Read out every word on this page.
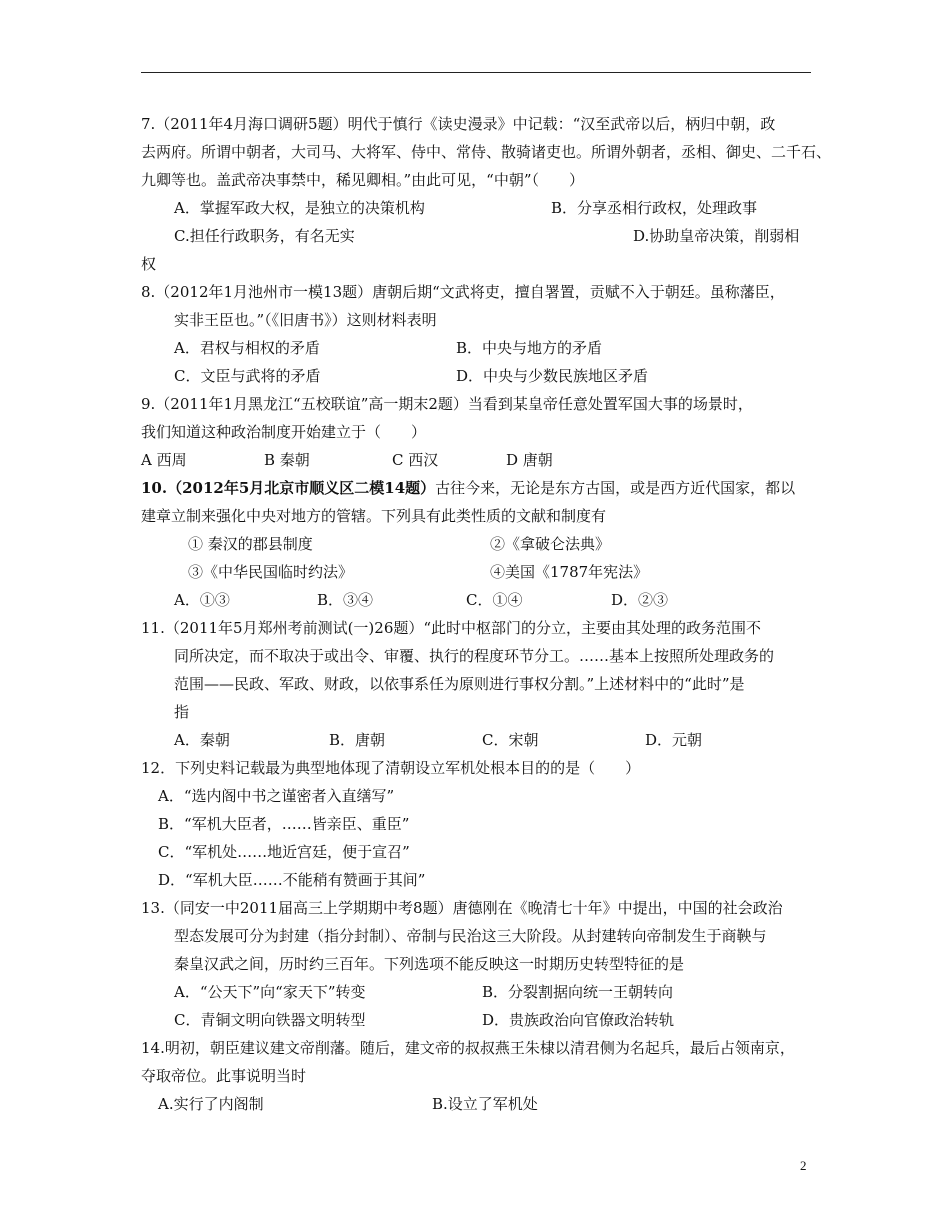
7.（2011年4月海口调研5题）明代于慎行《读史漫录》中记载：“汉至武帝以后，柄归中朝，政
去两府。所谓中朝者，大司马、大将军、侍中、常侍、散骑诸吏也。所谓外朝者，丞相、御史、二千石、
九卿等也。盖武帝决事禁中，稀见卿相。”由此可见，“中朝”（　　）
A．掌握军政大权，是独立的决策机构	B．分享丞相行政权，处理政事
C.担任行政职务，有名无实	D.协助皇帝决策，削弱相
权
8.（2012年1月池州市一模13题）唐朝后期“文武将吏，擅自署置，贡赋不入于朝廷。虽称藩臣，
实非王臣也。”（《旧唐书》）这则材料表明
A．君权与相权的矛盾	B．中央与地方的矛盾
C．文臣与武将的矛盾	D．中央与少数民族地区矛盾
9.（2011年1月黑龙江“五校联谊”高一期末2题）当看到某皇帝任意处置军国大事的场景时，
我们知道这种政治制度开始建立于（　　）
A 西周	B 秦朝	C 西汉	D 唐朝
10.（2012年5月北京市顺义区二模14题）古往今来，无论是东方古国，或是西方近代国家，都以
建章立制来强化中央对地方的管辖。下列具有此类性质的文献和制度有
① 秦汉的郡县制度	②《拿破仑法典》
③《中华民国临时约法》	④美国《1787年宪法》
A．①③	B．③④	C．①④	D．②③
11.（2011年5月郑州考前测试(一)26题）“此时中枢部门的分立，主要由其处理的政务范围不
同所决定，而不取决于或出令、审覆、执行的程度环节分工。……基本上按照所处理政务的
范围——民政、军政、财政，以依事系任为原则进行事权分割。”上述材料中的“此时”是
指
A．秦朝	B．唐朝	C．宋朝	D．元朝
12．下列史料记载最为典型地体现了清朝设立军机处根本目的的是（　　）
A．“选内阁中书之谨密者入直缮写”
B．“军机大臣者，……皆亲臣、重臣”
C．“军机处……地近宫廷，便于宣召”
D．“军机大臣……不能稍有赞画于其间”
13.（同安一中2011届高三上学期期中考8题）唐德刚在《晚清七十年》中提出，中国的社会政治
型态发展可分为封建（指分封制）、帝制与民治这三大阶段。从封建转向帝制发生于商鞅与
秦皇汉武之间，历时约三百年。下列选项不能反映这一时期历史转型特征的是
A．“公天下”向“家天下”转变	B．分裂割据向统一王朝转向
C．青铜文明向铁器文明转型	D．贵族政治向官僚政治转轨
14.明初，朝臣建议建文帝削藩。随后，建文帝的叔叔燕王朱棣以清君侧为名起兵，最后占领南京，
夺取帝位。此事说明当时
A.实行了内阁制	B.设立了军机处
2
